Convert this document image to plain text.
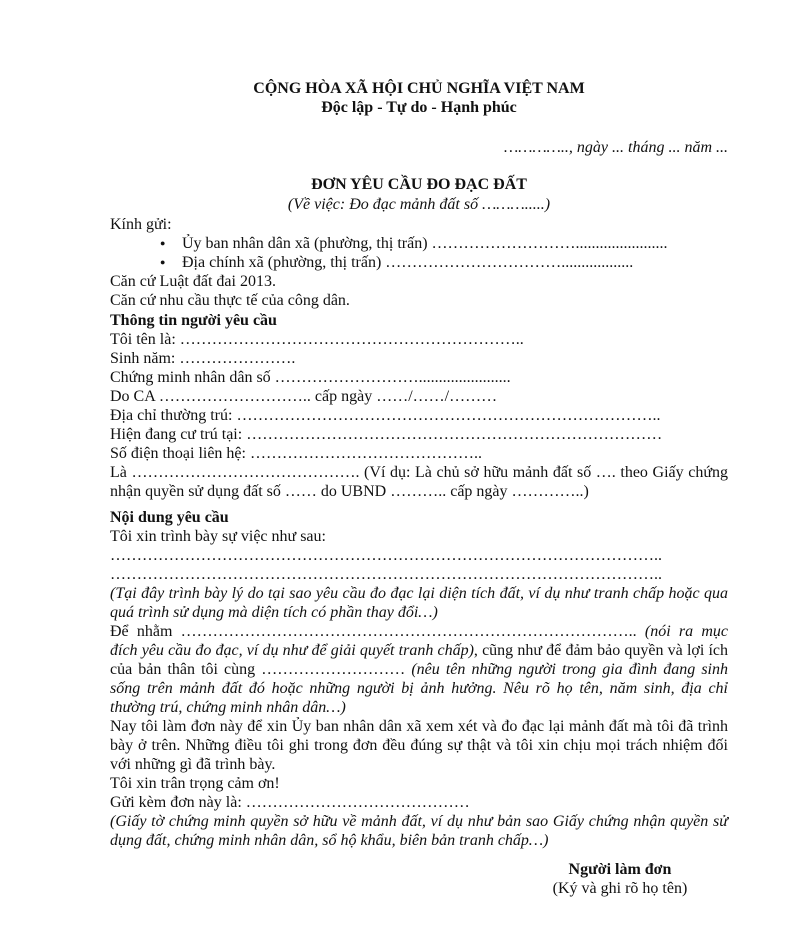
CỘNG HÒA XÃ HỘI CHỦ NGHĨA VIỆT NAM

Độc lập - Tự do - Hạnh phúc

………….., ngày ... tháng ... năm ...
ĐƠN YÊU CẦU ĐO ĐẠC ĐẤT
(Về việc: Đo đạc mảnh đất số ……….....)

Kính gửi:

● Ủy ban nhân dân xã (phường, thị trấn) ……………………….......................

● Địa chính xã (phường, thị trấn) ……………………………..................

Căn cứ Luật đất đai 2013.

Căn cứ nhu cầu thực tế của công dân.

Thông tin người yêu cầu

Tôi tên là: ………………………………………………………..

Sinh năm: ………………….

Chứng minh nhân dân số ……………………….......................

Do CA ……………………….. cấp ngày ……/……/………

Địa chỉ thường trú: ……………………………………………………………………..

Hiện đang cư trú tại: ……………………………………………………………………

Số điện thoại liên hệ: ……………………………………..

Là ……………………………………. (Ví dụ: Là chủ sở hữu mảnh đất số …. theo Giấy chứng nhận quyền sử dụng đất số …… do UBND ……….. cấp ngày …………..)

Nội dung yêu cầu

Tôi xin trình bày sự việc như sau:

…………………………………………………………………………………………..

…………………………………………………………………………………………..

(Tại đây trình bày lý do tại sao yêu cầu đo đạc lại diện tích đất, ví dụ như tranh chấp hoặc qua quá trình sử dụng mà diện tích có phần thay đổi…)

Để nhằm ………………………………………………………………………….. (nói ra mục đích yêu cầu đo đạc, ví dụ như để giải quyết tranh chấp), cũng như để đảm bảo quyền và lợi ích của bản thân tôi cùng ……………………… (nêu tên những người trong gia đình đang sinh sống trên mảnh đất đó hoặc những người bị ảnh hưởng. Nêu rõ họ tên, năm sinh, địa chỉ thường trú, chứng minh nhân dân…)

Nay tôi làm đơn này để xin Ủy ban nhân dân xã xem xét và đo đạc lại mảnh đất mà tôi đã trình bày ở trên. Những điều tôi ghi trong đơn đều đúng sự thật và tôi xin chịu mọi trách nhiệm đối với những gì đã trình bày.

Tôi xin trân trọng cảm ơn!

Gửi kèm đơn này là: ……………………………………

(Giấy tờ chứng minh quyền sở hữu về mảnh đất, ví dụ như bản sao Giấy chứng nhận quyền sử dụng đất, chứng minh nhân dân, sổ hộ khẩu, biên bản tranh chấp…)

Người làm đơn

(Ký và ghi rõ họ tên)
